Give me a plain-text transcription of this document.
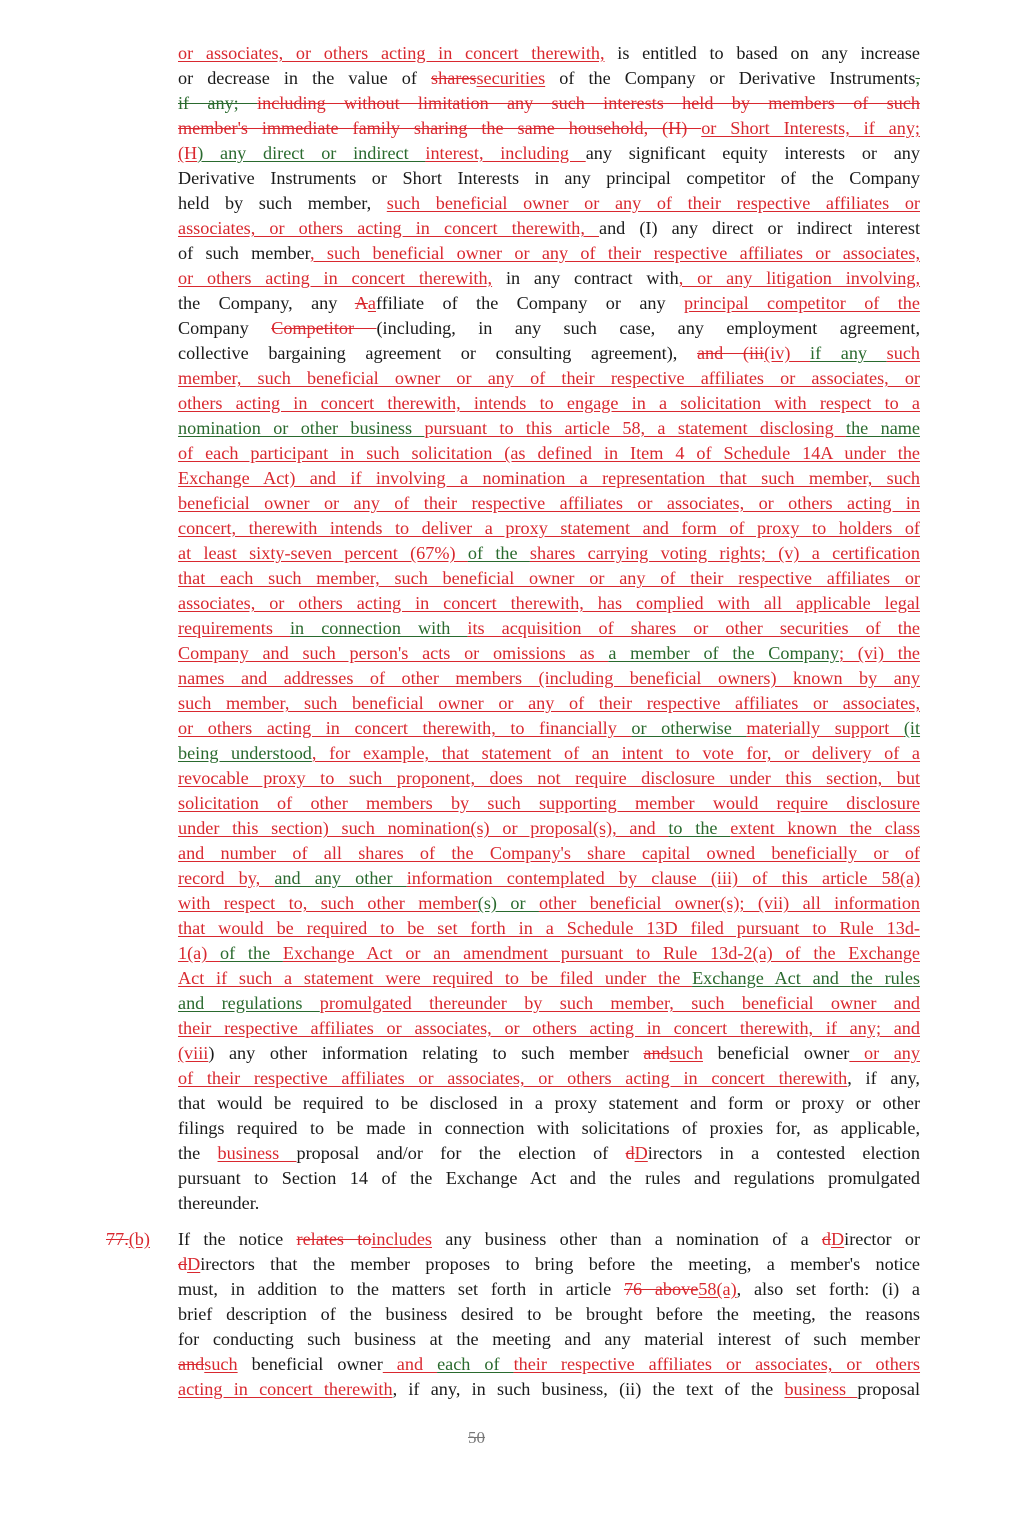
or associates, or others acting in concert therewith, is entitled to based on any increase
or decrease in the value of sharessecurities of the Company or Derivative Instruments,
if any; including without limitation any such interests held by members of such
member's immediate family sharing the same household, (H) or Short Interests, if any;
(H) any direct or indirect interest, including any significant equity interests or any
Derivative Instruments or Short Interests in any principal competitor of the Company
held by such member, such beneficial owner or any of their respective affiliates or
associates, or others acting in concert therewith, and (I) any direct or indirect interest
of such member, such beneficial owner or any of their respective affiliates or associates,
or others acting in concert therewith, in any contract with, or any litigation involving,
the Company, any Aaffiliate of the Company or any principal competitor of the
Company Competitor (including, in any such case, any employment agreement,
collective bargaining agreement or consulting agreement), and (iii(iv) if any such
member, such beneficial owner or any of their respective affiliates or associates, or
others acting in concert therewith, intends to engage in a solicitation with respect to a
nomination or other business pursuant to this article 58, a statement disclosing the name
of each participant in such solicitation (as defined in Item 4 of Schedule 14A under the
Exchange Act) and if involving a nomination a representation that such member, such
beneficial owner or any of their respective affiliates or associates, or others acting in
concert, therewith intends to deliver a proxy statement and form of proxy to holders of
at least sixty-seven percent (67%) of the shares carrying voting rights; (v) a certification
that each such member, such beneficial owner or any of their respective affiliates or
associates, or others acting in concert therewith, has complied with all applicable legal
requirements in connection with its acquisition of shares or other securities of the
Company and such person's acts or omissions as a member of the Company; (vi) the
names and addresses of other members (including beneficial owners) known by any
such member, such beneficial owner or any of their respective affiliates or associates,
or others acting in concert therewith, to financially or otherwise materially support (it
being understood, for example, that statement of an intent to vote for, or delivery of a
revocable proxy to such proponent, does not require disclosure under this section, but
solicitation of other members by such supporting member would require disclosure
under this section) such nomination(s) or proposal(s), and to the extent known the class
and number of all shares of the Company's share capital owned beneficially or of
record by, and any other information contemplated by clause (iii) of this article 58(a)
with respect to, such other member(s) or other beneficial owner(s); (vii) all information
that would be required to be set forth in a Schedule 13D filed pursuant to Rule 13d-
1(a) of the Exchange Act or an amendment pursuant to Rule 13d-2(a) of the Exchange
Act if such a statement were required to be filed under the Exchange Act and the rules
and regulations promulgated thereunder by such member, such beneficial owner and
their respective affiliates or associates, or others acting in concert therewith, if any; and
(viii) any other information relating to such member andsuch beneficial owner or any
of their respective affiliates or associates, or others acting in concert therewith, if any,
that would be required to be disclosed in a proxy statement and form or proxy or other
filings required to be made in connection with solicitations of proxies for, as applicable,
the business proposal and/or for the election of dDirectors in a contested election
pursuant to Section 14 of the Exchange Act and the rules and regulations promulgated
thereunder.
If the notice relates toincludes any business other than a nomination of a dDirector or
dDirectors that the member proposes to bring before the meeting, a member's notice
must, in addition to the matters set forth in article 76 above58(a), also set forth: (i) a
brief description of the business desired to be brought before the meeting, the reasons
for conducting such business at the meeting and any material interest of such member
andsuch beneficial owner and each of their respective affiliates or associates, or others
acting in concert therewith, if any, in such business, (ii) the text of the business proposal
77.(b)
50
